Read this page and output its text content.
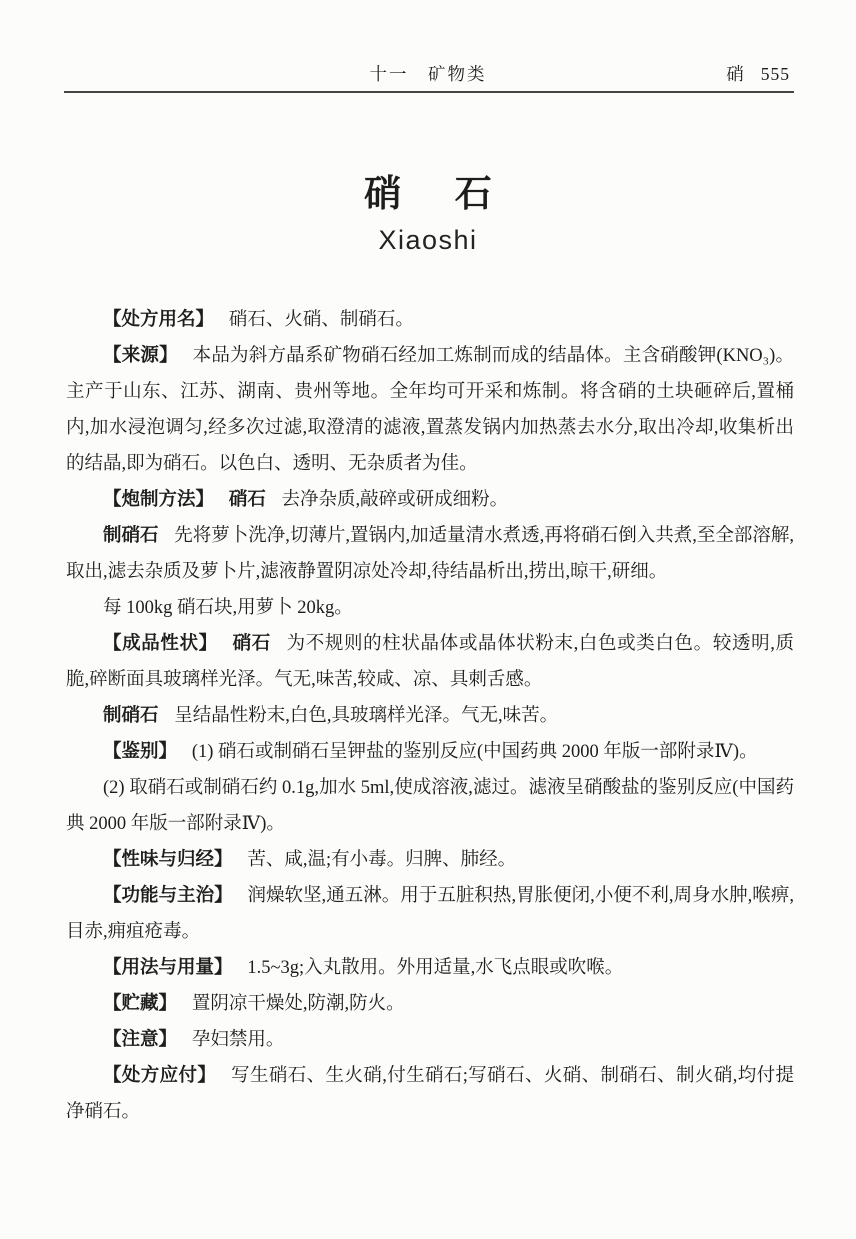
十一　矿物类	硝 555
硝石
Xiaoshi

【处方用名】 硝石、火硝、制硝石。

【来源】 本品为斜方晶系矿物硝石经加工炼制而成的结晶体。主含硝酸钾(KNO₃)。主产于山东、江苏、湖南、贵州等地。全年均可开采和炼制。将含硝的土块砸碎后,置桶内,加水浸泡调匀,经多次过滤,取澄清的滤液,置蒸发锅内加热蒸去水分,取出冷却,收集析出的结晶,即为硝石。以色白、透明、无杂质者为佳。

【炮制方法】 硝石 去净杂质,敲碎或研成细粉。

制硝石 先将萝卜洗净,切薄片,置锅内,加适量清水煮透,再将硝石倒入共煮,至全部溶解,取出,滤去杂质及萝卜片,滤液静置阴凉处冷却,待结晶析出,捞出,晾干,研细。

每 100kg 硝石块,用萝卜 20kg。

【成品性状】 硝石 为不规则的柱状晶体或晶体状粉末,白色或类白色。较透明,质脆,碎断面具玻璃样光泽。气无,味苦,较咸、凉、具刺舌感。

制硝石 呈结晶性粉末,白色,具玻璃样光泽。气无,味苦。

【鉴别】 (1) 硝石或制硝石呈钾盐的鉴别反应(中国药典 2000 年版一部附录Ⅳ)。

(2) 取硝石或制硝石约 0.1g,加水 5ml,使成溶液,滤过。滤液呈硝酸盐的鉴别反应(中国药典 2000 年版一部附录Ⅳ)。

【性味与归经】 苦、咸,温;有小毒。归脾、肺经。

【功能与主治】 润燥软坚,通五淋。用于五脏积热,胃胀便闭,小便不利,周身水肿,喉痹,目赤,痈疽疮毒。

【用法与用量】 1.5~3g;入丸散用。外用适量,水飞点眼或吹喉。

【贮藏】 置阴凉干燥处,防潮,防火。

【注意】 孕妇禁用。

【处方应付】 写生硝石、生火硝,付生硝石;写硝石、火硝、制硝石、制火硝,均付提净硝石。
